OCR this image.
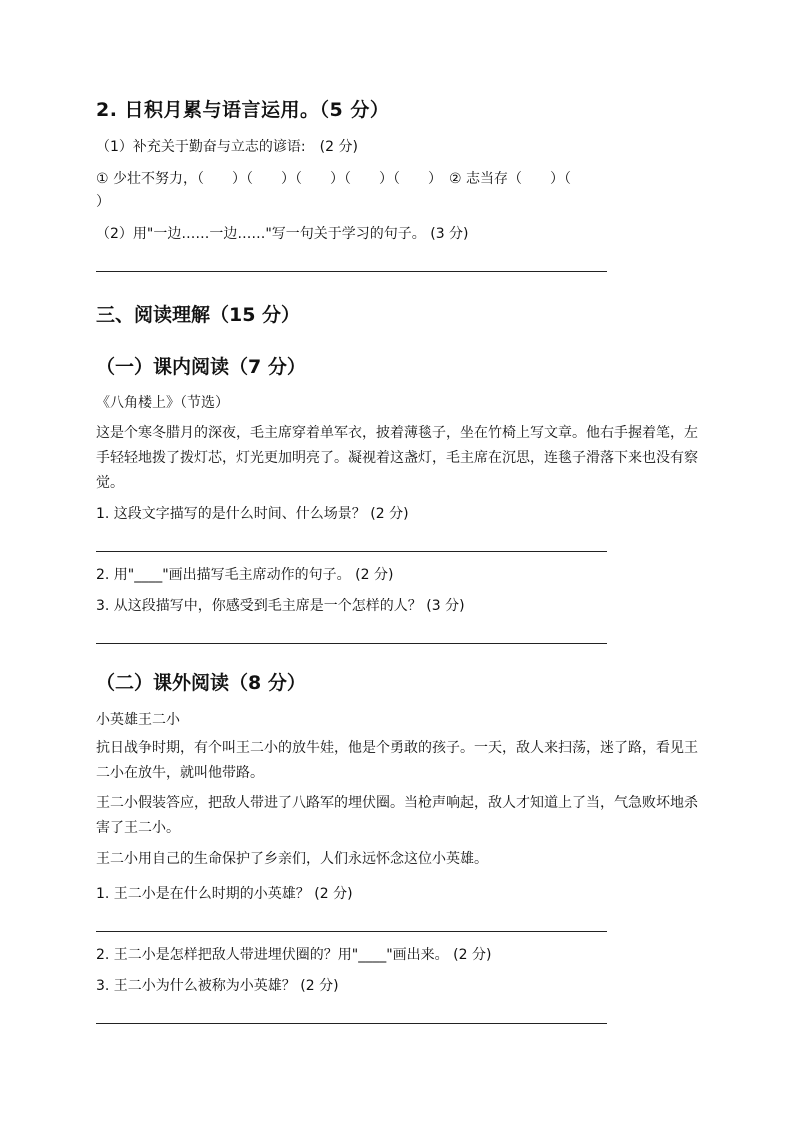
2. 日积月累与语言运用。（5 分）
（1）补充关于勤奋与立志的谚语:　(2 分)
① 少壮不努力，（　　）（　　）（　　）（　　）（　　）　② 志当存（　　）（
）
（2）用"一边……一边……"写一句关于学习的句子。 (3 分)
三、阅读理解（15 分）
（一）课内阅读（7 分）
《八角楼上》（节选）
这是个寒冬腊月的深夜，毛主席穿着单军衣，披着薄毯子，坐在竹椅上写文章。他右手握着笔，左手轻轻地拨了拨灯芯，灯光更加明亮了。凝视着这盏灯，毛主席在沉思，连毯子滑落下来也没有察觉。
1. 这段文字描写的是什么时间、什么场景？ (2 分)
2. 用"____"画出描写毛主席动作的句子。 (2 分)
3. 从这段描写中，你感受到毛主席是一个怎样的人？ (3 分)
（二）课外阅读（8 分）
小英雄王二小
抗日战争时期，有个叫王二小的放牛娃，他是个勇敢的孩子。一天，敌人来扫荡，迷了路，看见王二小在放牛，就叫他带路。
王二小假装答应，把敌人带进了八路军的埋伏圈。当枪声响起，敌人才知道上了当，气急败坏地杀害了王二小。
王二小用自己的生命保护了乡亲们，人们永远怀念这位小英雄。
1. 王二小是在什么时期的小英雄？ (2 分)
2. 王二小是怎样把敌人带进埋伏圈的？用"____"画出来。 (2 分)
3. 王二小为什么被称为小英雄？ (2 分)
